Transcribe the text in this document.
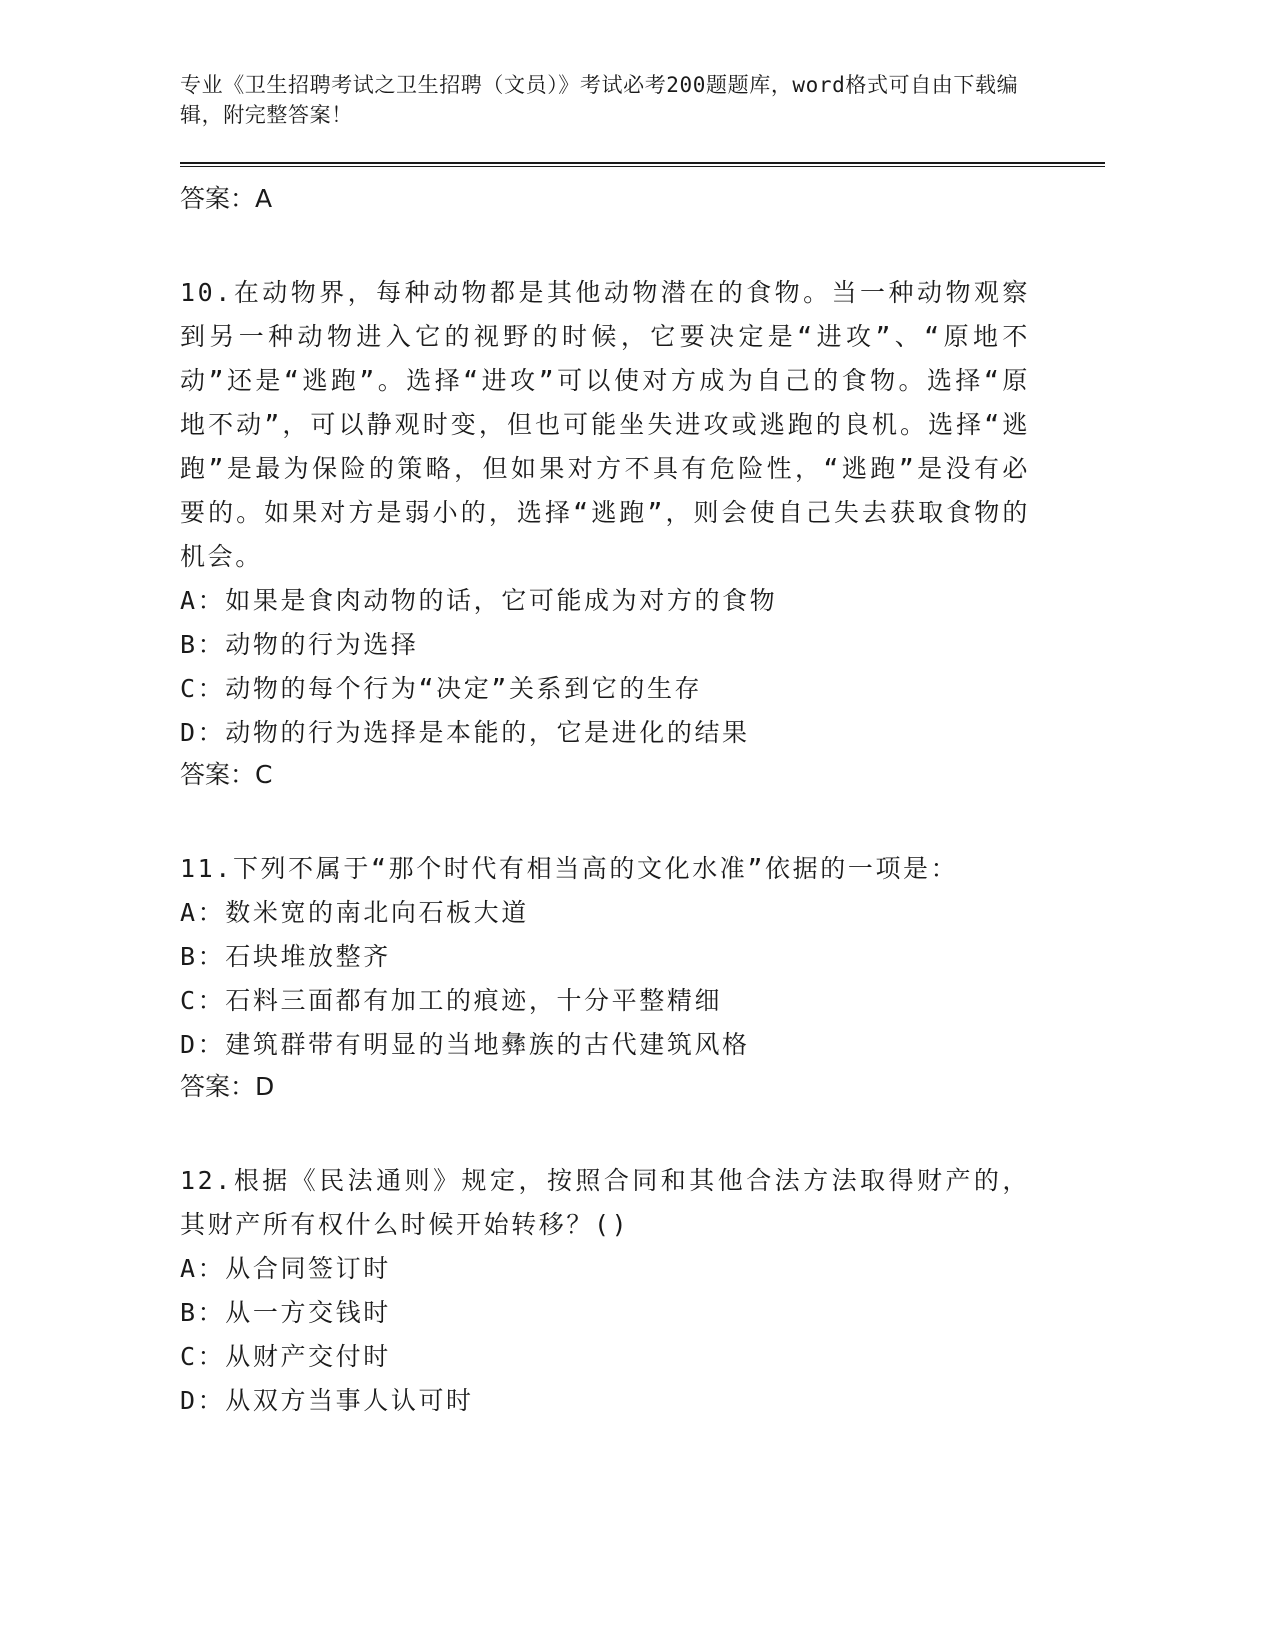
专业《卫生招聘考试之卫生招聘（文员）》考试必考200题题库，word格式可自由下载编辑，附完整答案！

答案：A

10.在动物界，每种动物都是其他动物潜在的食物。当一种动物观察到另一种动物进入它的视野的时候，它要决定是“进攻”、“原地不动”还是“逃跑”。选择“进攻”可以使对方成为自己的食物。选择“原地不动”，可以静观时变，但也可能坐失进攻或逃跑的良机。选择“逃跑”是最为保险的策略，但如果对方不具有危险性，“逃跑”是没有必要的。如果对方是弱小的，选择“逃跑”，则会使自己失去获取食物的机会。

A：如果是食肉动物的话，它可能成为对方的食物

B：动物的行为选择

C：动物的每个行为“决定”关系到它的生存

D：动物的行为选择是本能的，它是进化的结果

答案：C

11.下列不属于“那个时代有相当高的文化水准”依据的一项是：

A：数米宽的南北向石板大道

B：石块堆放整齐

C：石料三面都有加工的痕迹，十分平整精细

D：建筑群带有明显的当地彝族的古代建筑风格

答案：D

12.根据《民法通则》规定，按照合同和其他合法方法取得财产的，其财产所有权什么时候开始转移？()

A：从合同签订时

B：从一方交钱时

C：从财产交付时

D：从双方当事人认可时
